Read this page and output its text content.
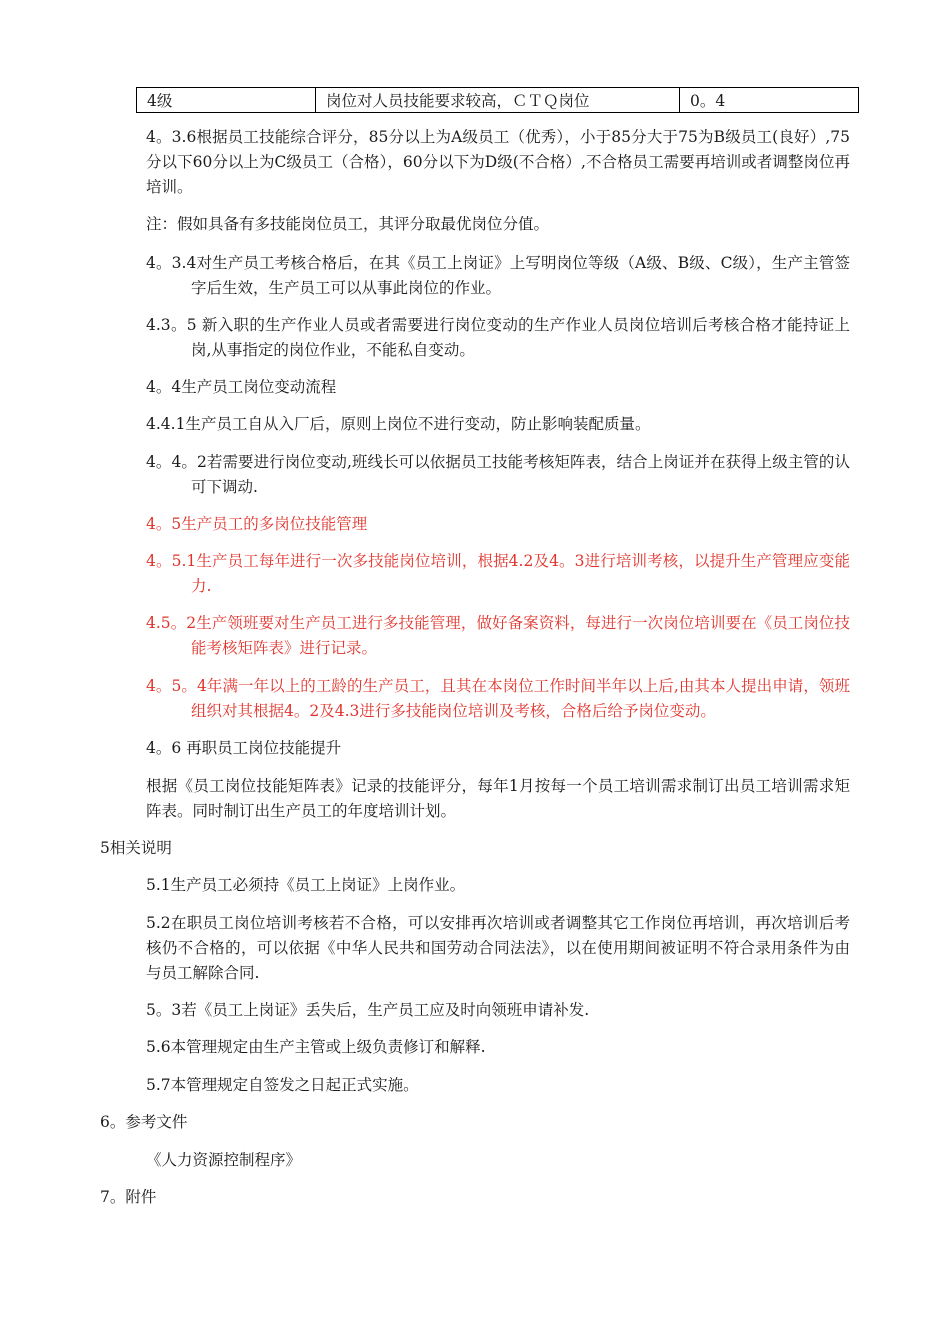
4级	岗位对人员技能要求较高，ＣＴＱ岗位	0。4

4。3.6根据员工技能综合评分，85分以上为A级员工（优秀），小于85分大于75为B级员工(良好）,75分以下60分以上为C级员工（合格），60分以下为D级(不合格）,不合格员工需要再培训或者调整岗位再培训。

注：假如具备有多技能岗位员工，其评分取最优岗位分值。

4。3.4对生产员工考核合格后，在其《员工上岗证》上写明岗位等级（A级、B级、C级），生产主管签字后生效，生产员工可以从事此岗位的作业。

4.3。5 新入职的生产作业人员或者需要进行岗位变动的生产作业人员岗位培训后考核合格才能持证上岗,从事指定的岗位作业，不能私自变动。

4。4生产员工岗位变动流程

4.4.1生产员工自从入厂后，原则上岗位不进行变动，防止影响装配质量。

4。4。2若需要进行岗位变动,班线长可以依据员工技能考核矩阵表，结合上岗证并在获得上级主管的认可下调动.

4。5生产员工的多岗位技能管理

4。5.1生产员工每年进行一次多技能岗位培训，根据4.2及4。3进行培训考核，以提升生产管理应变能力.

4.5。2生产领班要对生产员工进行多技能管理，做好备案资料，每进行一次岗位培训要在《员工岗位技能考核矩阵表》进行记录。

4。5。4年满一年以上的工龄的生产员工，且其在本岗位工作时间半年以上后,由其本人提出申请，领班组织对其根据4。2及4.3进行多技能岗位培训及考核，合格后给予岗位变动。

4。6 再职员工岗位技能提升

根据《员工岗位技能矩阵表》记录的技能评分，每年1月按每一个员工培训需求制订出员工培训需求矩阵表。同时制订出生产员工的年度培训计划。

5相关说明

5.1生产员工必须持《员工上岗证》上岗作业。

5.2在职员工岗位培训考核若不合格，可以安排再次培训或者调整其它工作岗位再培训，再次培训后考核仍不合格的，可以依据《中华人民共和国劳动合同法法》，以在使用期间被证明不符合录用条件为由与员工解除合同.

5。3若《员工上岗证》丢失后，生产员工应及时向领班申请补发.

5.6本管理规定由生产主管或上级负责修订和解释.

5.7本管理规定自签发之日起正式实施。

6。参考文件

《人力资源控制程序》

7。附件
